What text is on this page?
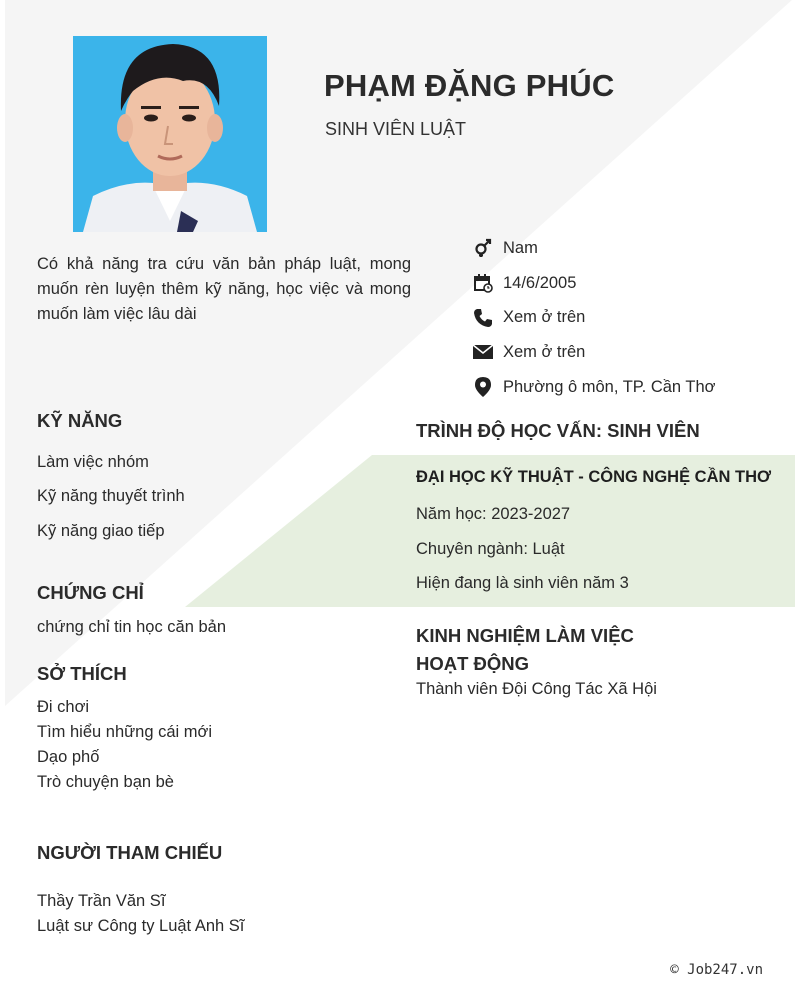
PHẠM ĐẶNG PHÚC
SINH VIÊN LUẬT
Có khả năng tra cứu văn bản pháp luật, mong muốn rèn luyện thêm kỹ năng, học việc và mong muốn làm việc lâu dài
Nam
14/6/2005
Xem ở trên
Xem ở trên
Phường ô môn, TP. Cần Thơ
KỸ NĂNG
Làm việc nhóm
Kỹ năng thuyết trình
Kỹ năng giao tiếp
CHỨNG CHỈ
chứng chỉ tin học căn bản
SỞ THÍCH
Đi chơi
Tìm hiểu những cái mới
Dạo phố
Trò chuyện bạn bè
NGƯỜI THAM CHIẾU
Thầy Trần Văn Sĩ
Luật sư Công ty Luật Anh Sĩ
TRÌNH ĐỘ HỌC VẤN: SINH VIÊN
ĐẠI HỌC KỸ THUẬT - CÔNG NGHỆ CẦN THƠ
Năm học: 2023-2027
Chuyên ngành: Luật
Hiện đang là sinh viên năm 3
KINH NGHIỆM LÀM VIỆC
HOẠT ĐỘNG
Thành viên Đội Công Tác Xã Hội
© Job247.vn
